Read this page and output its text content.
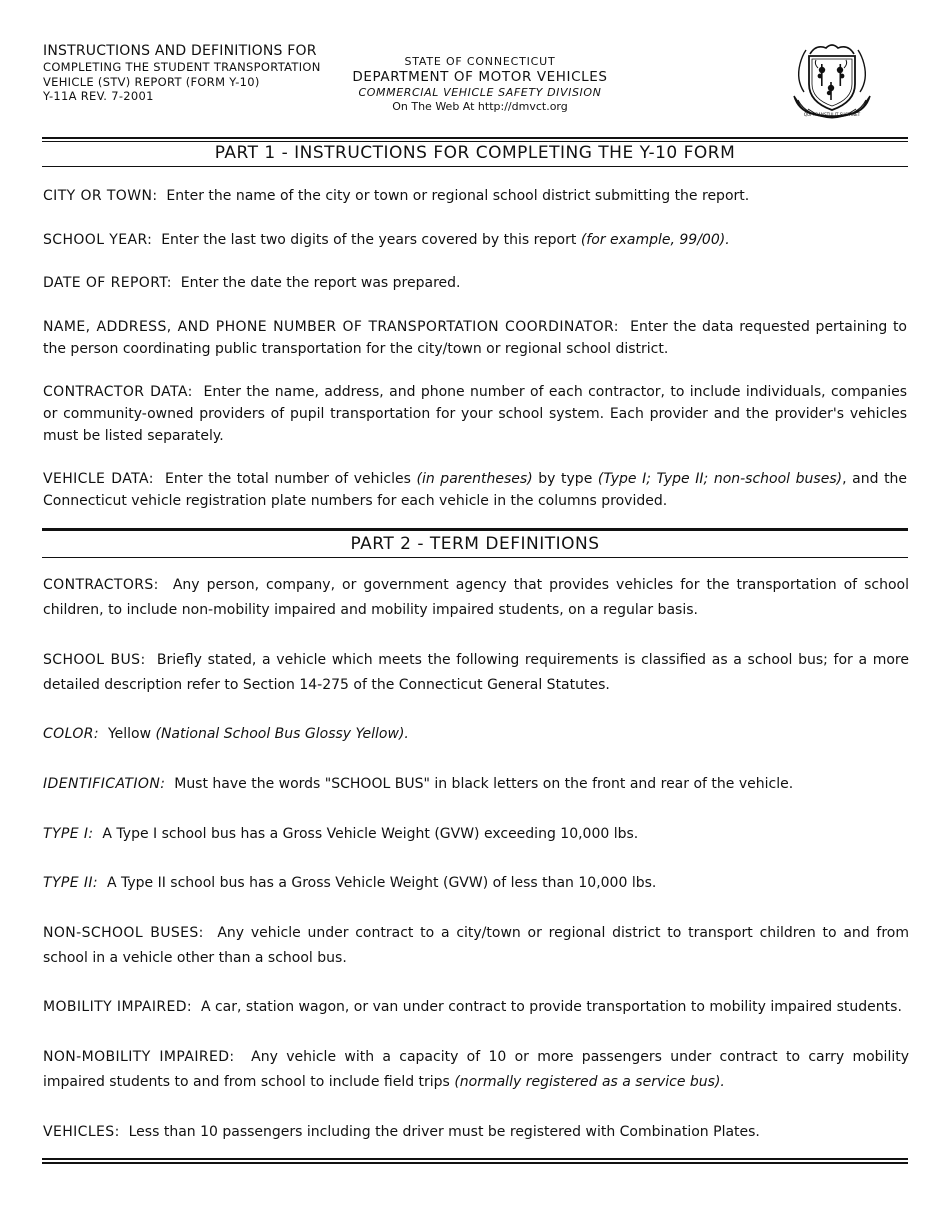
INSTRUCTIONS AND DEFINITIONS FOR
COMPLETING THE STUDENT TRANSPORTATION
VEHICLE (STV) REPORT (FORM Y-10)
Y-11A REV. 7-2001
STATE OF CONNECTICUT
DEPARTMENT OF MOTOR VEHICLES
COMMERCIAL VEHICLE SAFETY DIVISION
On The Web At http://dmvct.org
QUI TRANSTULIT SUSTINET
PART 1 - INSTRUCTIONS FOR COMPLETING THE Y-10 FORM
CITY OR TOWN: Enter the name of the city or town or regional school district submitting the report.
SCHOOL YEAR: Enter the last two digits of the years covered by this report (for example, 99/00).
DATE OF REPORT: Enter the date the report was prepared.
NAME, ADDRESS, AND PHONE NUMBER OF TRANSPORTATION COORDINATOR: Enter the data requested pertaining to the person coordinating public transportation for the city/town or regional school district.
CONTRACTOR DATA: Enter the name, address, and phone number of each contractor, to include individuals, companies or community-owned providers of pupil transportation for your school system. Each provider and the provider's vehicles must be listed separately.
VEHICLE DATA: Enter the total number of vehicles (in parentheses) by type (Type I; Type II; non-school buses), and the Connecticut vehicle registration plate numbers for each vehicle in the columns provided.
PART 2 - TERM DEFINITIONS
CONTRACTORS: Any person, company, or government agency that provides vehicles for the transportation of school children, to include non-mobility impaired and mobility impaired students, on a regular basis.
SCHOOL BUS: Briefly stated, a vehicle which meets the following requirements is classified as a school bus; for a more detailed description refer to Section 14-275 of the Connecticut General Statutes.
COLOR: Yellow (National School Bus Glossy Yellow).
IDENTIFICATION: Must have the words "SCHOOL BUS" in black letters on the front and rear of the vehicle.
TYPE I: A Type I school bus has a Gross Vehicle Weight (GVW) exceeding 10,000 lbs.
TYPE II: A Type II school bus has a Gross Vehicle Weight (GVW) of less than 10,000 lbs.
NON-SCHOOL BUSES: Any vehicle under contract to a city/town or regional district to transport children to and from school in a vehicle other than a school bus.
MOBILITY IMPAIRED: A car, station wagon, or van under contract to provide transportation to mobility impaired students.
NON-MOBILITY IMPAIRED: Any vehicle with a capacity of 10 or more passengers under contract to carry mobility impaired students to and from school to include field trips (normally registered as a service bus).
VEHICLES: Less than 10 passengers including the driver must be registered with Combination Plates.
